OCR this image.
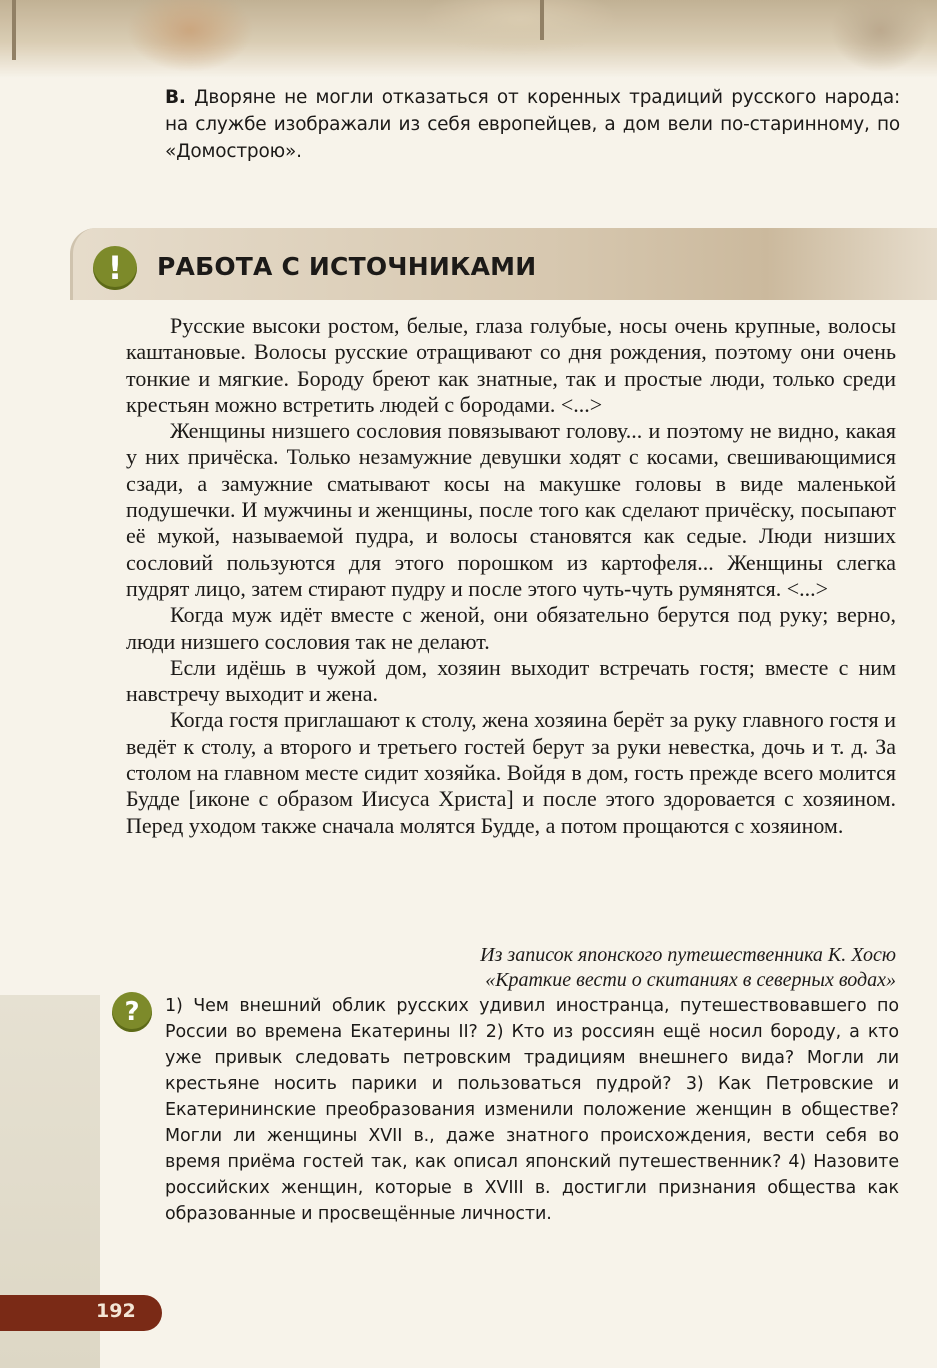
В. Дворяне не могли отказаться от коренных традиций русского народа: на службе изображали из себя европейцев, а дом вели по-старинному, по «Домострою».
!	РАБОТА С ИСТОЧНИКАМИ

Русские высоки ростом, белые, глаза голубые, носы очень крупные, волосы каштановые. Волосы русские отращивают со дня рождения, поэтому они очень тонкие и мягкие. Бороду бреют как знатные, так и простые люди, только среди крестьян можно встретить людей с бородами. <...>

Женщины низшего сословия повязывают голову... и поэтому не видно, какая у них причёска. Только незамужние девушки ходят с косами, свешивающимися сзади, а замужние сматывают косы на макушке головы в виде маленькой подушечки. И мужчины и женщины, после того как сделают причёску, посыпают её мукой, называемой пудра, и волосы становятся как седые. Люди низших сословий пользуются для этого порошком из картофеля... Женщины слегка пудрят лицо, затем стирают пудру и после этого чуть-чуть румянятся. <...>

Когда муж идёт вместе с женой, они обязательно берутся под руку; верно, люди низшего сословия так не делают.

Если идёшь в чужой дом, хозяин выходит встречать гостя; вместе с ним навстречу выходит и жена.

Когда гостя приглашают к столу, жена хозяина берёт за руку главного гостя и ведёт к столу, а второго и третьего гостей берут за руки невестка, дочь и т. д. За столом на главном месте сидит хозяйка. Войдя в дом, гость прежде всего молится Будде [иконе с образом Иисуса Христа] и после этого здоровается с хозяином. Перед уходом также сначала молятся Будде, а потом прощаются с хозяином.

Из записок японского путешественника К. Хосю
«Краткие вести о скитаниях в северных водах»
?	1) Чем внешний облик русских удивил иностранца, путешествовавшего по России во времена Екатерины II? 2) Кто из россиян ещё носил бороду, а кто уже привык следовать петровским традициям внешнего вида? Могли ли крестьяне носить парики и пользоваться пудрой? 3) Как Петровские и Екатерининские преобразования изменили положение женщин в обществе? Могли ли женщины XVII в., даже знатного происхождения, вести себя во время приёма гостей так, как описал японский путешественник? 4) Назовите российских женщин, которые в XVIII в. достигли признания общества как образованные и просвещённые личности.
192
